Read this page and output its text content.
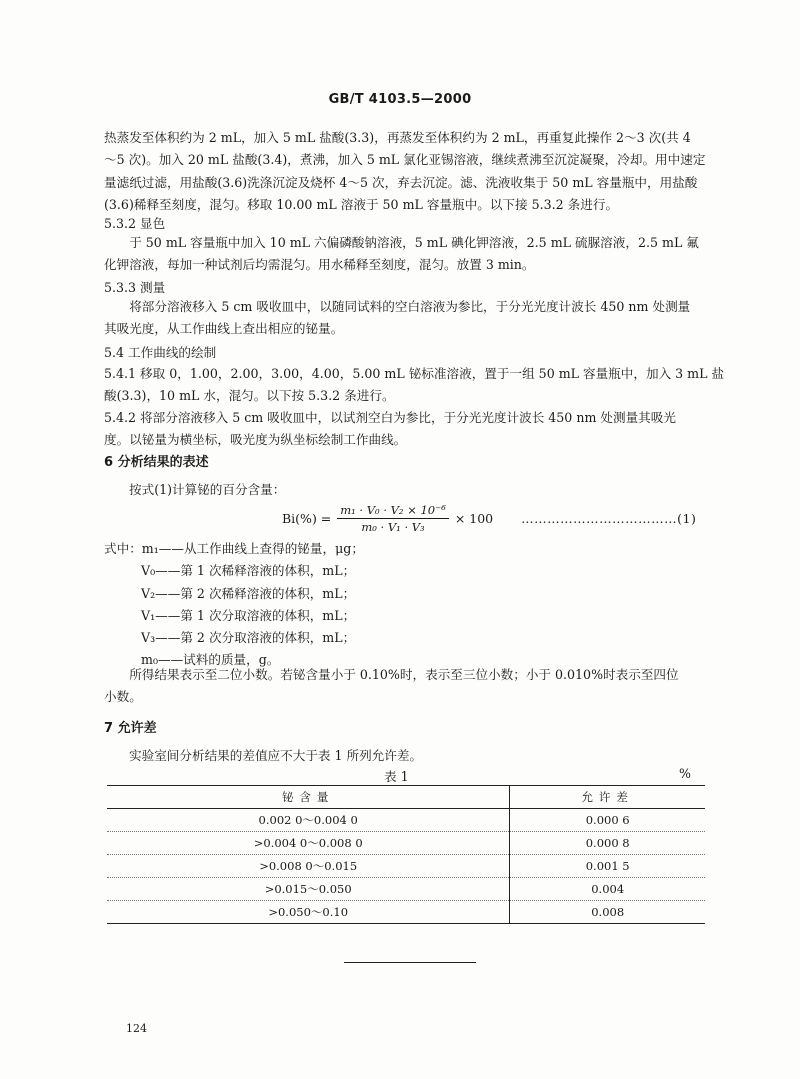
GB/T 4103.5—2000
热蒸发至体积约为 2 mL，加入 5 mL 盐酸(3.3)，再蒸发至体积约为 2 mL，再重复此操作 2～3 次(共 4
～5 次)。加入 20 mL 盐酸(3.4)，煮沸，加入 5 mL 氯化亚锡溶液，继续煮沸至沉淀凝聚，冷却。用中速定
量滤纸过滤，用盐酸(3.6)洗涤沉淀及烧杯 4～5 次，弃去沉淀。滤、洗液收集于 50 mL 容量瓶中，用盐酸
(3.6)稀释至刻度，混匀。移取 10.00 mL 溶液于 50 mL 容量瓶中。以下接 5.3.2 条进行。
5.3.2 显色
于 50 mL 容量瓶中加入 10 mL 六偏磷酸钠溶液，5 mL 碘化钾溶液，2.5 mL 硫脲溶液，2.5 mL 氟
化钾溶液，每加一种试剂后均需混匀。用水稀释至刻度，混匀。放置 3 min。
5.3.3 测量
将部分溶液移入 5 cm 吸收皿中，以随同试料的空白溶液为参比，于分光光度计波长 450 nm 处测量
其吸光度，从工作曲线上查出相应的铋量。
5.4 工作曲线的绘制
5.4.1 移取 0，1.00，2.00，3.00，4.00，5.00 mL 铋标准溶液，置于一组 50 mL 容量瓶中，加入 3 mL 盐
酸(3.3)，10 mL 水，混匀。以下按 5.3.2 条进行。
5.4.2 将部分溶液移入 5 cm 吸收皿中，以试剂空白为参比，于分光光度计波长 450 nm 处测量其吸光
度。以铋量为横坐标，吸光度为纵坐标绘制工作曲线。
6 分析结果的表述
按式(1)计算铋的百分含量：
$Bi(\%) = \frac{\text{m₁ · V₀ · V₂ × 10⁻⁶}}{\text{m₀ · V₁ · V₃}} \times 100$ ………………………………(1)
式中：m₁——从工作曲线上查得的铋量，μg；
V₀——第 1 次稀释溶液的体积，mL；
V₂——第 2 次稀释溶液的体积，mL；
V₁——第 1 次分取溶液的体积，mL；
V₃——第 2 次分取溶液的体积，mL；
m₀——试料的质量，g。
所得结果表示至二位小数。若铋含量小于 0.10%时，表示至三位小数；小于 0.010%时表示至四位
小数。
7 允许差
实验室间分析结果的差值应不大于表 1 所列允许差。
表 1	%
铋含量	允许差
0.002 0～0.004 0	0.000 6
>0.004 0～0.008 0	0.000 8
>0.008 0～0.015	0.001 5
>0.015～0.050	0.004
>0.050～0.10	0.008
124
